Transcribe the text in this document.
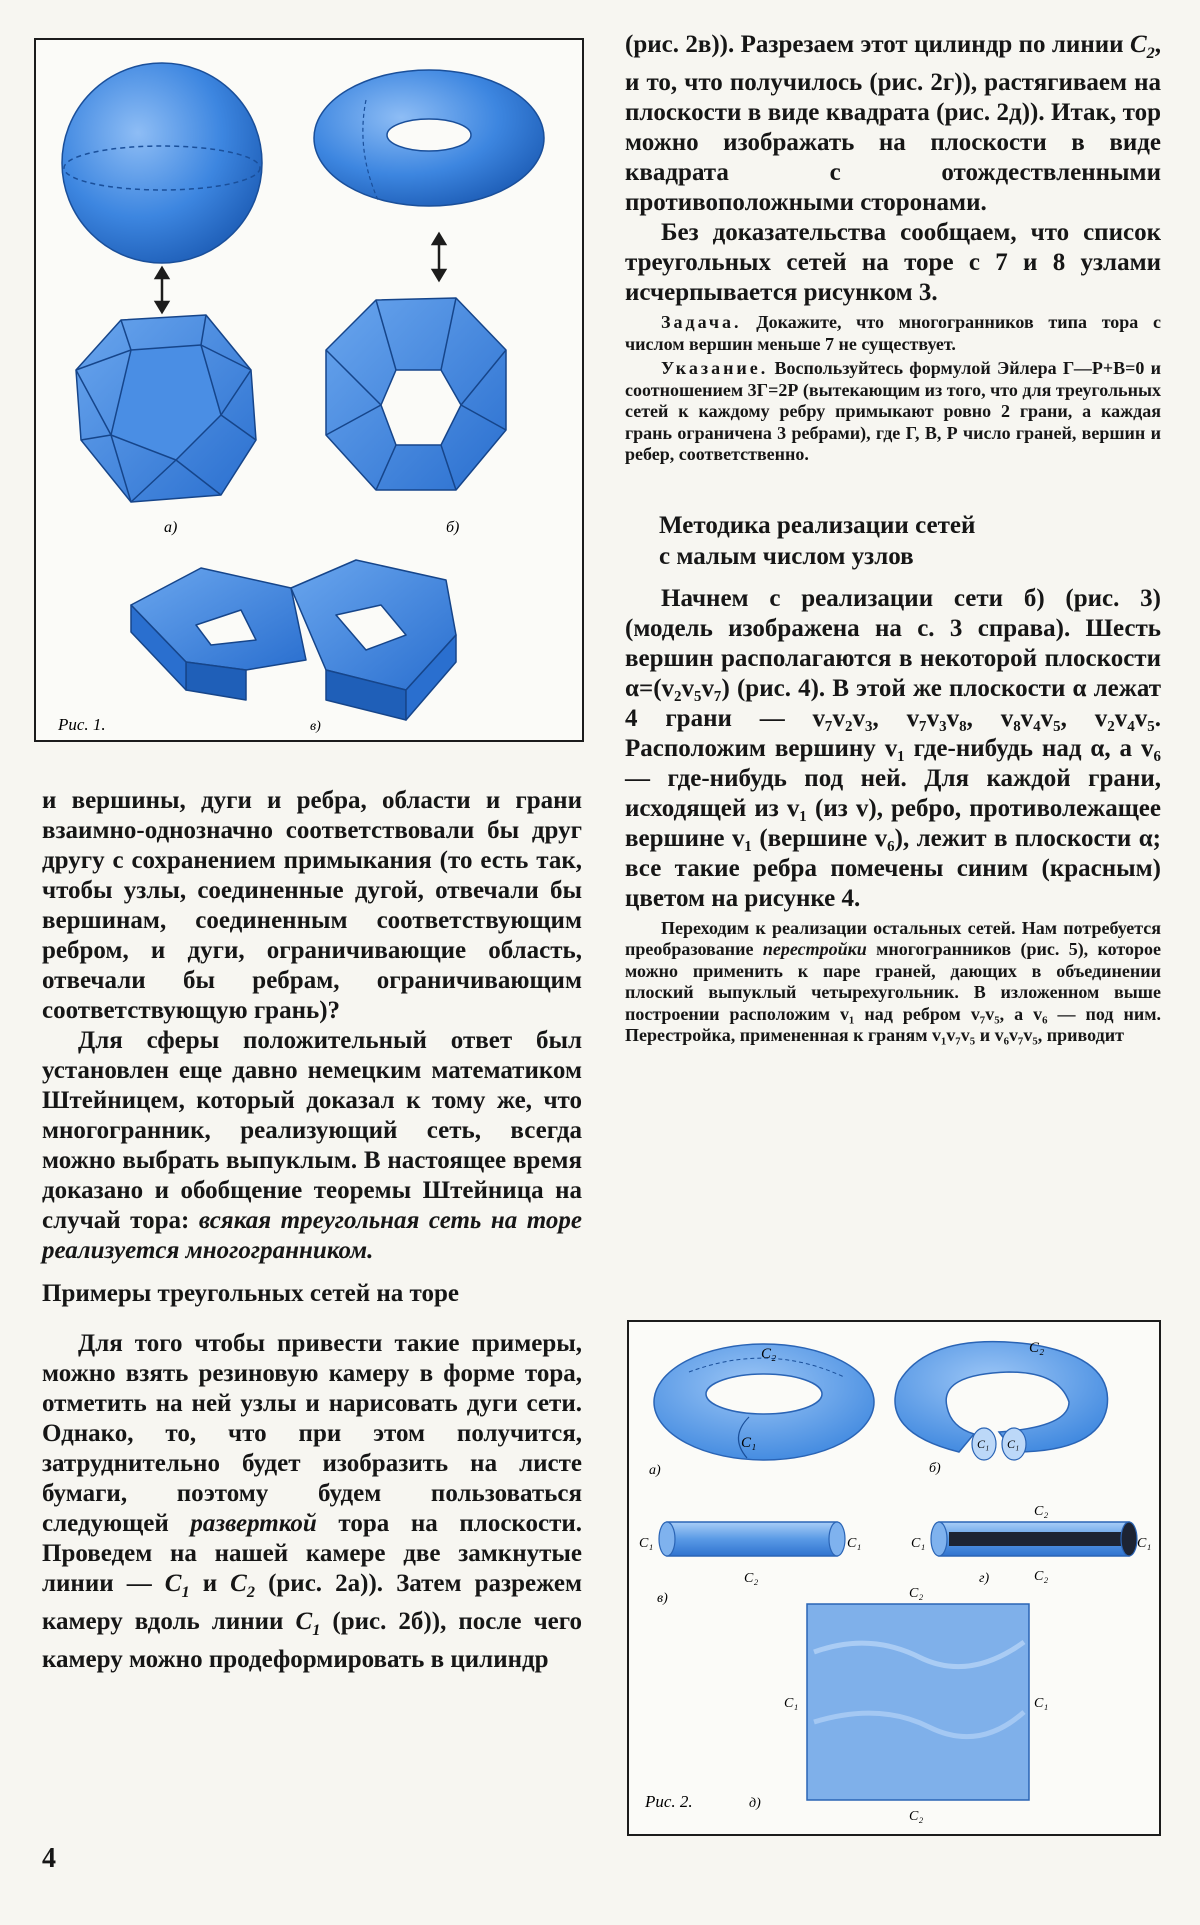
а)	б)
Рис. 1.	в)

и вершины, дуги и ребра, области и грани взаимно-однозначно соответствовали бы друг другу с сохранением примыкания (то есть так, чтобы узлы, соединенные дугой, отвечали бы вершинам, соединенным соответствующим ребром, и дуги, ограничивающие область, отвечали бы ребрам, ограничивающим соответствующую грань)?

Для сферы положительный ответ был установлен еще давно немецким математиком Штейницем, который доказал к тому же, что многогранник, реализующий сеть, всегда можно выбрать выпуклым. В настоящее время доказано и обобщение теоремы Штейница на случай тора: всякая треугольная сеть на торе реализуется многогранником.

Примеры треугольных сетей на торе

Для того чтобы привести такие примеры, можно взять резиновую камеру в форме тора, отметить на ней узлы и нарисовать дуги сети. Однако, то, что при этом получится, затруднительно будет изобразить на листе бумаги, поэтому будем пользоваться следующей разверткой тора на плоскости. Проведем на нашей камере две замкнутые линии — $C_1$ и $C_2$ (рис. 2а)). Затем разрежем камеру вдоль линии $C_1$ (рис. 2б)), после чего камеру можно продеформировать в цилиндр

(рис. 2в)). Разрезаем этот цилиндр по линии $C_2$, и то, что получилось (рис. 2г)), растягиваем на плоскости в виде квадрата (рис. 2д)). Итак, тор можно изображать на плоскости в виде квадрата с отождествленными противоположными сторонами.

Без доказательства сообщаем, что список треугольных сетей на торе с 7 и 8 узлами исчерпывается рисунком 3.

Задача. Докажите, что многогранников типа тора с числом вершин меньше 7 не существует.

Указание. Воспользуйтесь формулой Эйлера Г—Р+В=0 и соотношением 3Г=2Р (вытекающим из того, что для треугольных сетей к каждому ребру примыкают ровно 2 грани, а каждая грань ограничена 3 ребрами), где Г, В, Р число граней, вершин и ребер, соответственно.

Методика реализации сетей
с малым числом узлов

Начнем с реализации сети б) (рис. 3) (модель изображена на с. 3 справа). Шесть вершин располагаются в некоторой плоскости α=(v₂v₅v₇) (рис. 4). В этой же плоскости α лежат 4 грани — v₇v₂v₃, v₇v₃v₈, v₈v₄v₅, v₂v₄v₅. Расположим вершину v₁ где-нибудь над α, а v₆ — где-нибудь под ней. Для каждой грани, исходящей из v₁ (из v), ребро, противолежащее вершине v₁ (вершине v₆), лежит в плоскости α; все такие ребра помечены синим (красным) цветом на рисунке 4.

Переходим к реализации остальных сетей. Нам потребуется преобразование перестройки многогранников (рис. 5), которое можно применить к паре граней, дающих в объединении плоский выпуклый четырехугольник. В изложенном выше построении расположим v₁ над ребром v₇v₅, а v₆ — под ним. Перестройка, примененная к граням v₁v₇v₅ и v₆v₇v₅, приводит

C₂
C₁
а)
C₂
C₁ C₁
б)
C₁	C₁
C₂
в)
C₁	C₁
C₂
C₂
г)
C₂
C₂
C₁	C₁
Рис. 2.	д)
4
